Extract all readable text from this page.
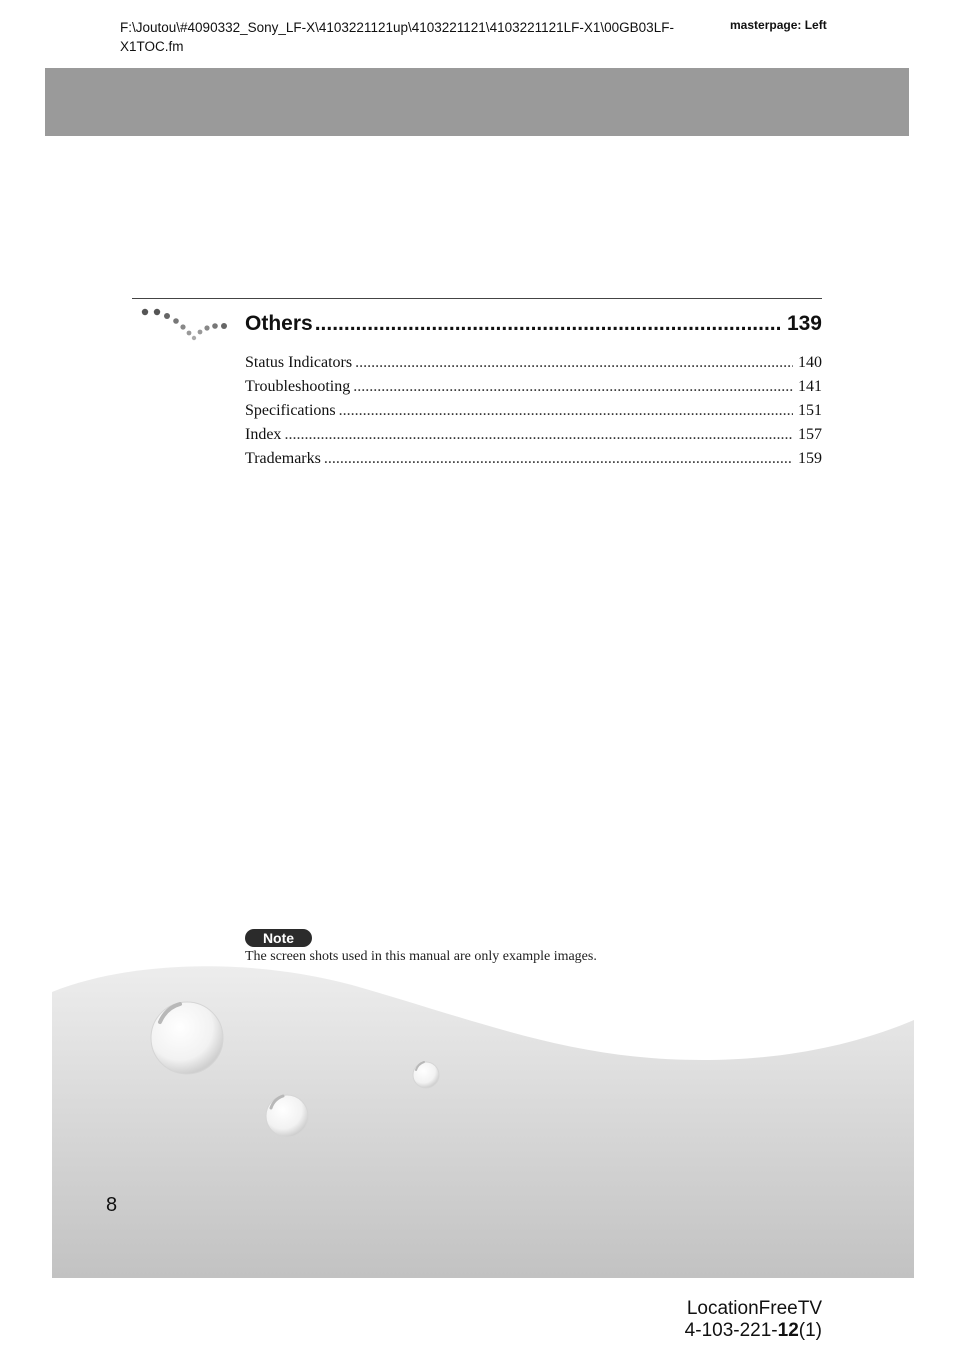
F:\Joutou\#4090332_Sony_LF-X\4103221121up\4103221121\4103221121LF-X1\00GB03LF-X1TOC.fm
masterpage: Left
Others .....	139
Status Indicators .....	140
Troubleshooting .....	141
Specifications .....	151
Index .....	157
Trademarks .....	159
Note
The screen shots used in this manual are only example images.
8
LocationFreeTV
4-103-221-12(1)
